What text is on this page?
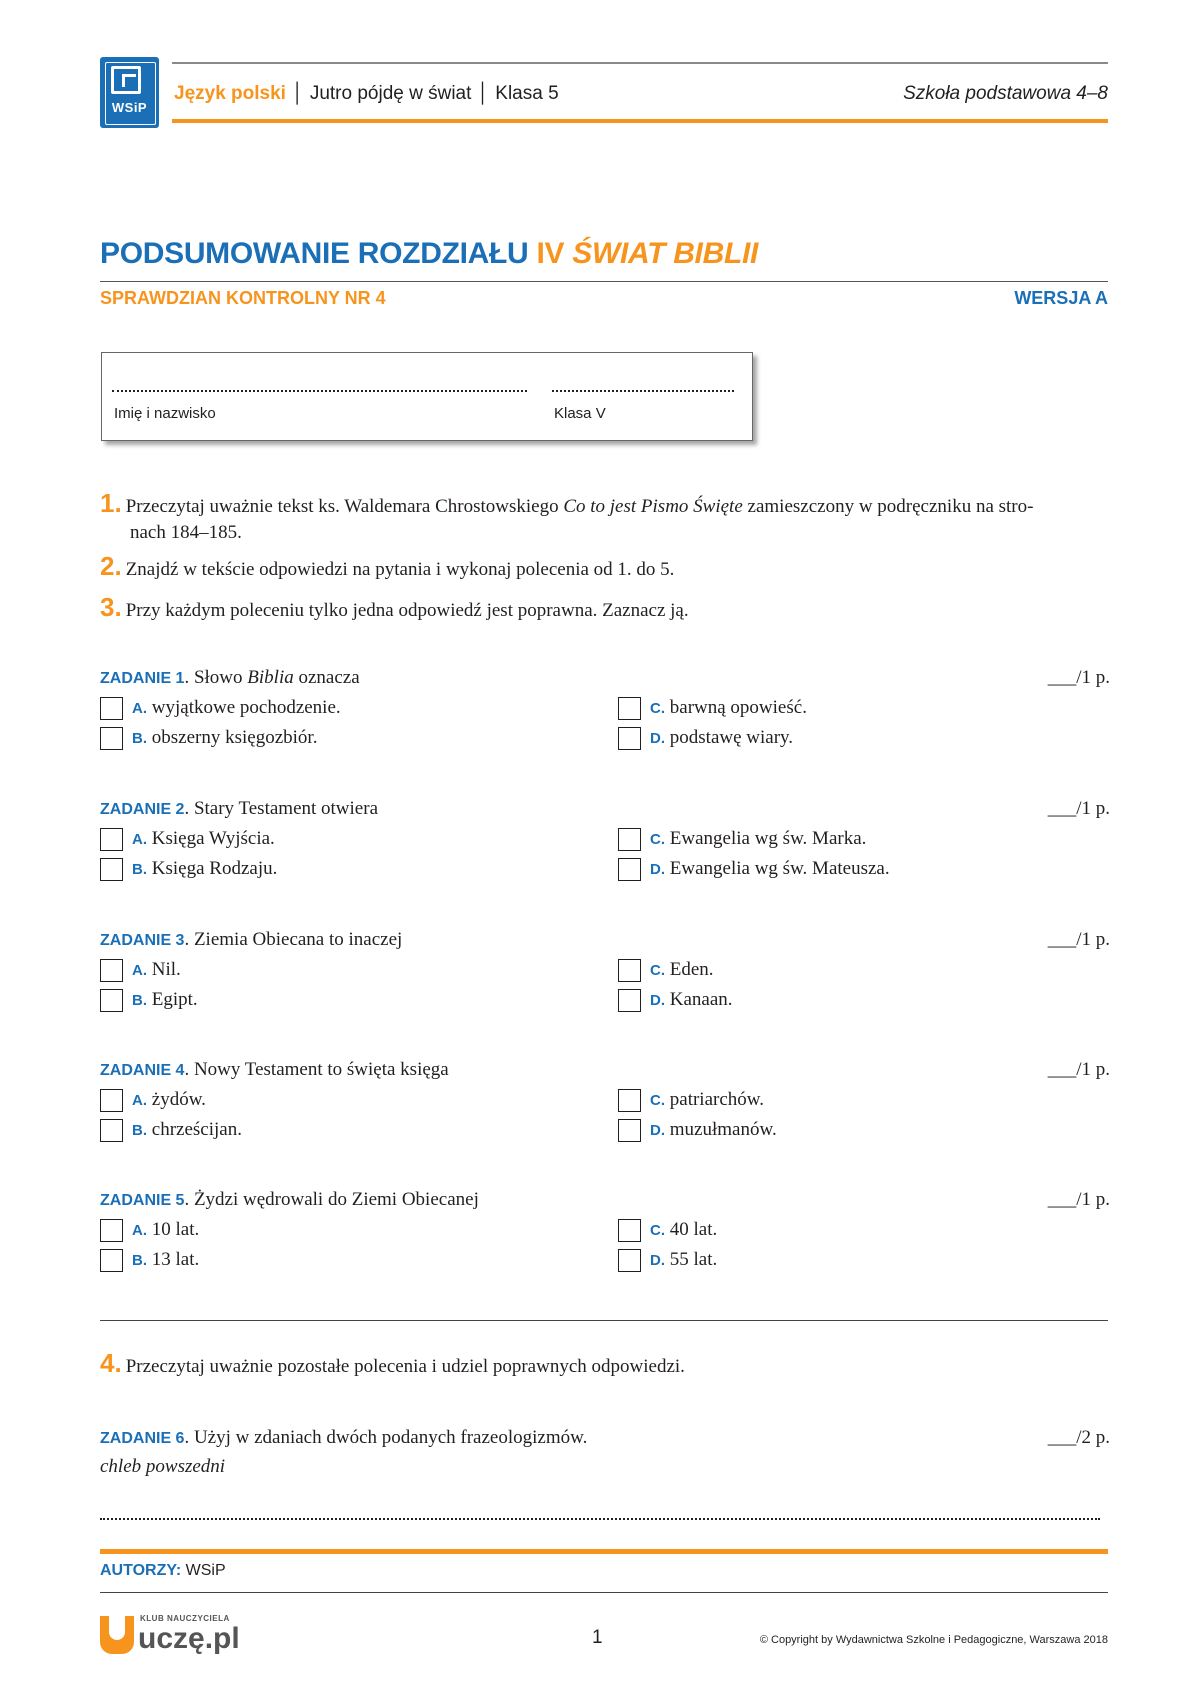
WSiP
Język polski │ Jutro pójdę w świat │ Klasa 5	Szkoła podstawowa 4–8
PODSUMOWANIE ROZDZIAŁU IV ŚWIAT BIBLII
SPRAWDZIAN KONTROLNY NR 4	WERSJA A
Imię i nazwisko	Klasa V
1. Przeczytaj uważnie tekst ks. Waldemara Chrostowskiego Co to jest Pismo Święte zamieszczony w podręczniku na stro-
nach 184–185.
2. Znajdź w tekście odpowiedzi na pytania i wykonaj polecenia od 1. do 5.
3. Przy każdym poleceniu tylko jedna odpowiedź jest poprawna. Zaznacz ją.
ZADANIE 1. Słowo Biblia oznacza	___/1 p.
A. wyjątkowe pochodzenie.
B. obszerny księgozbiór.
C. barwną opowieść.
D. podstawę wiary.
ZADANIE 2. Stary Testament otwiera	___/1 p.
A. Księga Wyjścia.
B. Księga Rodzaju.
C. Ewangelia wg św. Marka.
D. Ewangelia wg św. Mateusza.
ZADANIE 3. Ziemia Obiecana to inaczej	___/1 p.
A. Nil.
B. Egipt.
C. Eden.
D. Kanaan.
ZADANIE 4. Nowy Testament to święta księga	___/1 p.
A. żydów.
B. chrześcijan.
C. patriarchów.
D. muzułmanów.
ZADANIE 5. Żydzi wędrowali do Ziemi Obiecanej	___/1 p.
A. 10 lat.
B. 13 lat.
C. 40 lat.
D. 55 lat.
4. Przeczytaj uważnie pozostałe polecenia i udziel poprawnych odpowiedzi.
ZADANIE 6. Użyj w zdaniach dwóch podanych frazeologizmów.	___/2 p.
chleb powszedni
AUTORZY: WSiP
KLUB NAUCZYCIELA
uczę.pl	1	© Copyright by Wydawnictwa Szkolne i Pedagogiczne, Warszawa 2018
